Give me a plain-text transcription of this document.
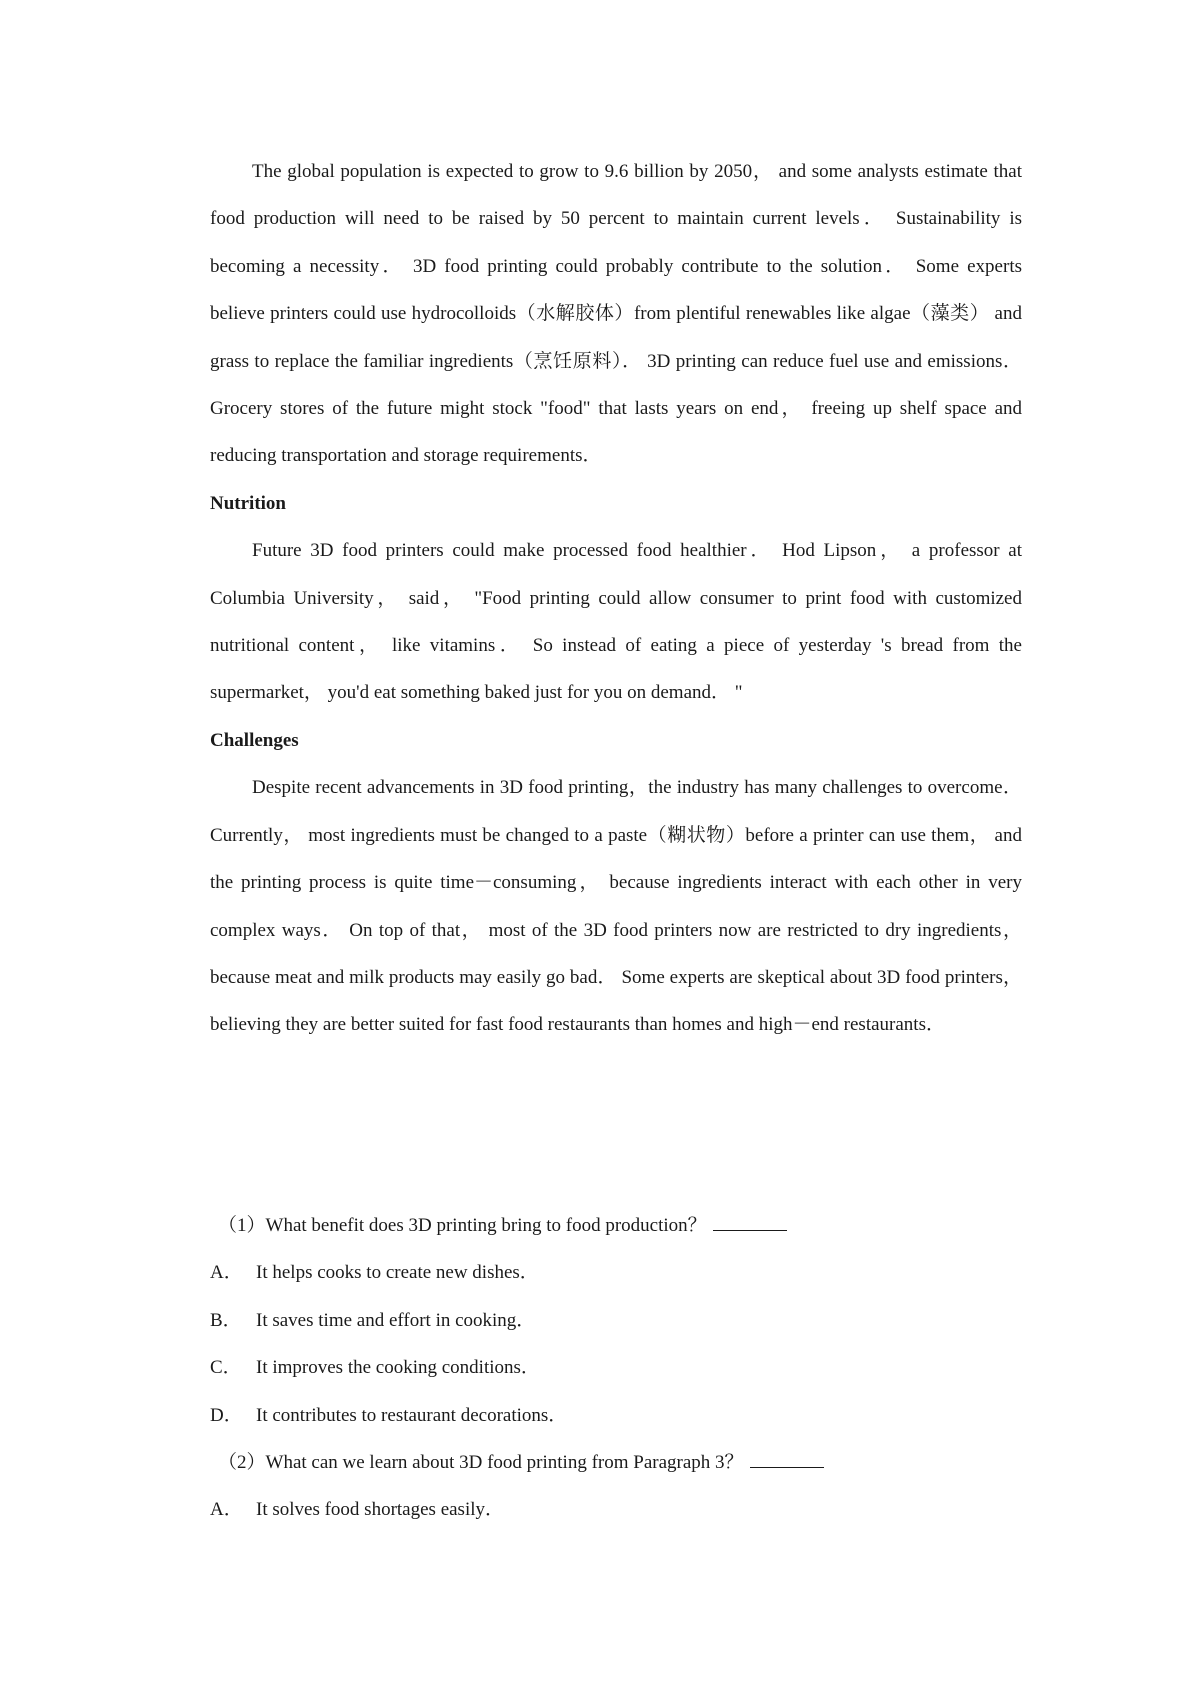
The global population is expected to grow to 9.6 billion by 2050， and some analysts estimate that food production will need to be raised by 50 percent to maintain current levels． Sustainability is becoming a necessity． 3D food printing could probably contribute to the solution． Some experts believe printers could use hydrocolloids（水解胶体）from plentiful renewables like algae（藻类） and grass to replace the familiar ingredients（烹饪原料）． 3D printing can reduce fuel use and emissions． Grocery stores of the future might stock "food" that lasts years on end， freeing up shelf space and reducing transportation and storage requirements．

Nutrition

Future 3D food printers could make processed food healthier． Hod Lipson， a professor at Columbia University， said， "Food printing could allow consumer to print food with customized nutritional content， like vitamins． So instead of eating a piece of yesterday 's bread from the supermarket， you'd eat something baked just for you on demand． "

Challenges

Despite recent advancements in 3D food printing，the industry has many challenges to overcome． Currently， most ingredients must be changed to a paste（糊状物）before a printer can use them， and the printing process is quite time－consuming， because ingredients interact with each other in very complex ways． On top of that， most of the 3D food printers now are restricted to dry ingredients，because meat and milk products may easily go bad． Some experts are skeptical about 3D food printers， believing they are better suited for fast food restaurants than homes and high－end restaurants．

（1）What benefit does 3D printing bring to food production？

A． It helps cooks to create new dishes．

B． It saves time and effort in cooking．

C． It improves the cooking conditions．

D． It contributes to restaurant decorations．

（2）What can we learn about 3D food printing from Paragraph 3？

A． It solves food shortages easily．
